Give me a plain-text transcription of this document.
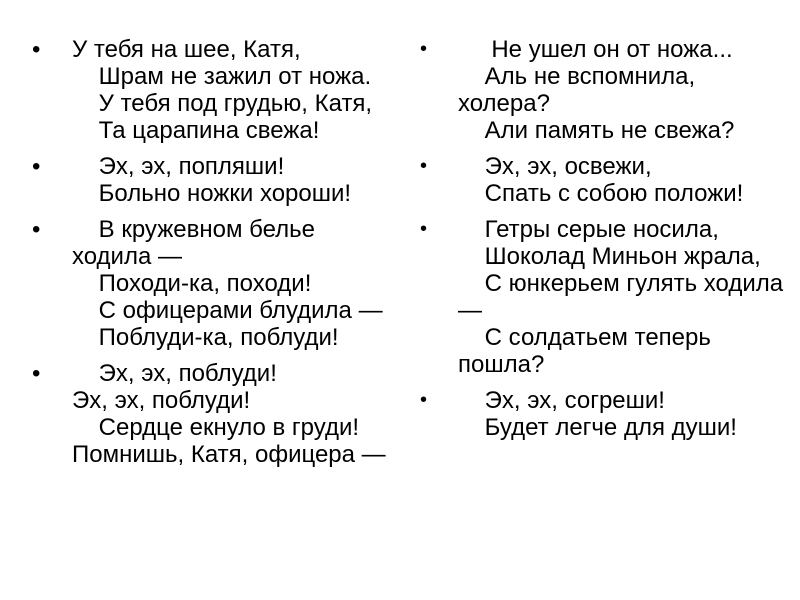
• У тебя на шее, Катя,
Шрам не зажил от ножа.
У тебя под грудью, Катя,
Та царапина свежа!

•	Эх, эх, попляши!
Больно ножки хороши!

•	В кружевном белье ходила —
Походи-ка, походи!
С офицерами блудила —
Поблуди-ка, поблуди!

•	Эх, эх, поблуди!
Эх, эх, поблуди!
Сердце екнуло в груди!  Помнишь, Катя, офицера —

•	Не ушел он от ножа...
Аль не вспомнила, холера?
Али память не свежа?

•	Эх, эх, освежи,
Спать с собою положи!

•	Гетры серые носила,
Шоколад Миньон жрала,
С юнкерьем гулять ходила —
С солдатьем теперь пошла?

•	Эх, эх, согреши!
Будет легче для души!
